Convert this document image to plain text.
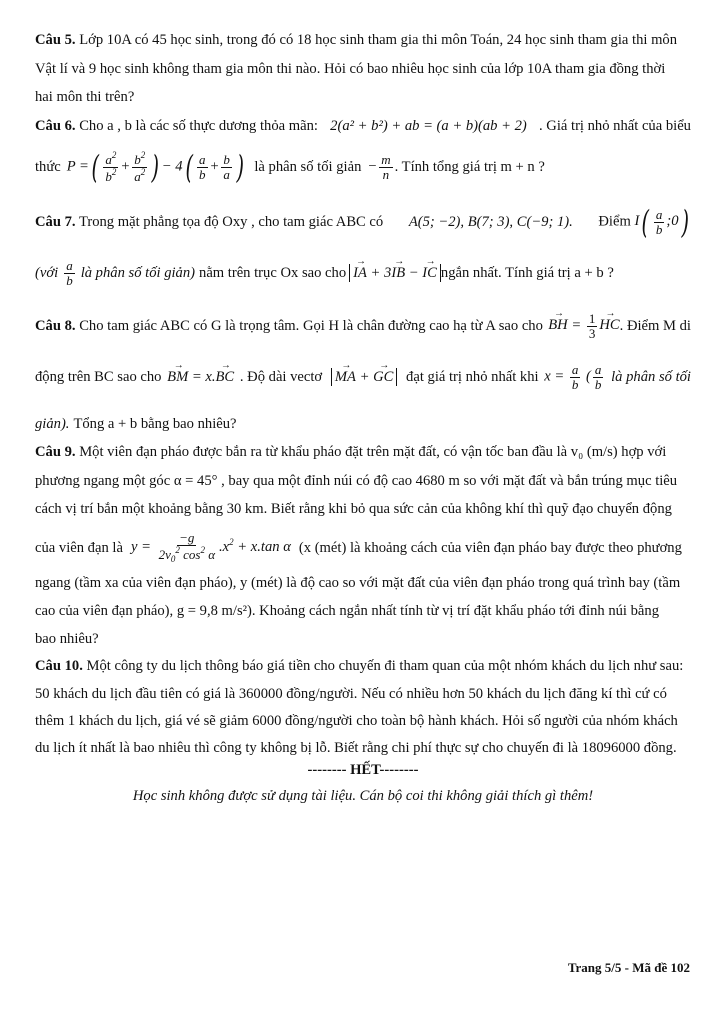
Câu 5. Lớp 10A có 45 học sinh, trong đó có 18 học sinh tham gia thi môn Toán, 24 học sinh tham gia thi môn
Vật lí và 9 học sinh không tham gia môn thi nào. Hỏi có bao nhiêu học sinh của lớp 10A tham gia đồng thời
hai môn thi trên?
Câu 6. Cho a , b là các số thực dương thỏa mãn: 2(a² + b²) + ab = (a + b)(ab + 2) . Giá trị nhỏ nhất của biểu
thức P =( $\frac{a^2}{b^2} + \frac{b^2}{a^2}$ ) − $4( \frac{a}{b} + \frac{b}{a}$ ) là phân số tối giản − $\frac{m}{n}$ . Tính tổng giá trị m + n ?
Câu 7. Trong mặt phẳng tọa độ Oxy , cho tam giác ABC có A(5; −2), B(7; 3), C(−9; 1). Điểm $I( \frac{a}{b}$ ;0)
(với $\frac{a}{b}$ là phân số tối giản) nằm trên trục Ox sao cho → IA + 3→ IB − → IC ngắn nhất. Tính giá trị a + b ?
Câu 8. Cho tam giác ABC có G là trọng tâm. Gọi H là chân đường cao hạ từ A sao cho → BH = $\frac{1}{3}$ → HC . Điểm M di
động trên BC sao cho → BM = x.→ BC . Độ dài vectơ → MA + → GC đạt giá trị nhỏ nhất khi $x = \frac{a}{b}$ ( $\frac{a}{b}$ là phân số tối
giản). Tổng a + b bằng bao nhiêu?
Câu 9. Một viên đạn pháo được bắn ra từ khẩu pháo đặt trên mặt đất, có vận tốc ban đầu là v₀ (m/s) hợp với
phương ngang một góc α = 45° , bay qua một đỉnh núi có độ cao 4680 m so với mặt đất và bắn trúng mục tiêu
cách vị trí bắn một khoảng bằng 30 km. Biết rằng khi bỏ qua sức cản của không khí thì quỹ đạo chuyển động
của viên đạn là $y = \frac{-g}{2v_0^2 \cos^2 \alpha} .x^2 + x.\tan$ α (x (mét) là khoảng cách của viên đạn pháo bay được theo phương
ngang (tầm xa của viên đạn pháo), y (mét) là độ cao so với mặt đất của viên đạn pháo trong quá trình bay (tầm
cao của viên đạn pháo), g = 9,8 m/s²). Khoảng cách ngắn nhất tính từ vị trí đặt khẩu pháo tới đỉnh núi bằng
bao nhiêu?
Câu 10. Một công ty du lịch thông báo giá tiền cho chuyến đi tham quan của một nhóm khách du lịch như sau:
50 khách du lịch đầu tiên có giá là 360000 đồng/người. Nếu có nhiều hơn 50 khách du lịch đăng kí thì cứ có
thêm 1 khách du lịch, giá vé sẽ giảm 6000 đồng/người cho toàn bộ hành khách. Hỏi số người của nhóm khách
du lịch ít nhất là bao nhiêu thì công ty không bị lỗ. Biết rằng chi phí thực sự cho chuyến đi là 18096000 đồng.
-------- HẾT--------
Học sinh không được sử dụng tài liệu. Cán bộ coi thi không giải thích gì thêm!
Trang 5/5 - Mã đề 102
